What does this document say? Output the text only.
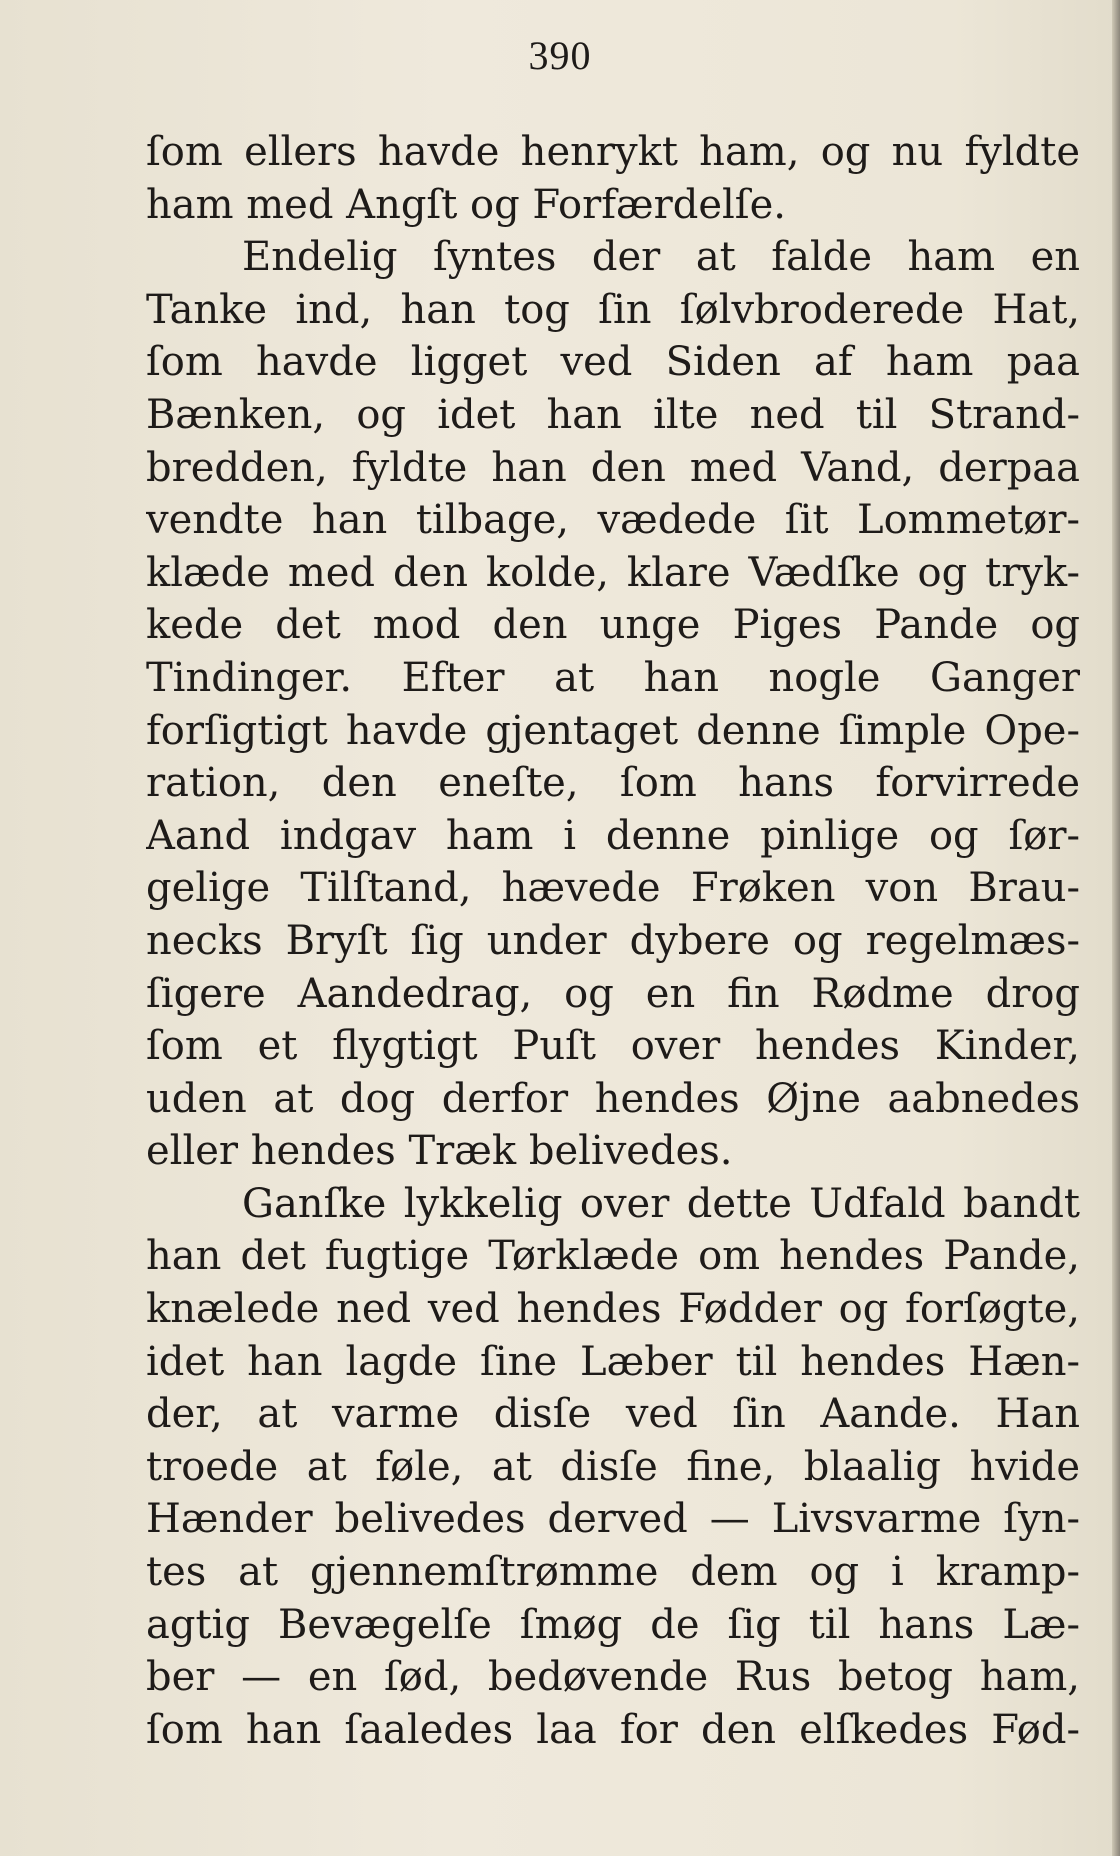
390
ſom ellers havde henrykt ham, og nu fyldte
ham med Angſt og Forfærdelſe.
Endelig ſyntes der at falde ham en
Tanke ind, han tog ſin ſølvbroderede Hat,
ſom havde ligget ved Siden af ham paa
Bænken, og idet han ilte ned til Strand-
bredden, fyldte han den med Vand, derpaa
vendte han tilbage, vædede ſit Lommetør-
klæde med den kolde, klare Vædſke og tryk-
kede det mod den unge Piges Pande og
Tindinger. Efter at han nogle Ganger
forſigtigt havde gjentaget denne ſimple Ope-
ration, den eneſte, ſom hans forvirrede
Aand indgav ham i denne pinlige og ſør-
gelige Tilſtand, hævede Frøken von Brau-
necks Bryſt ſig under dybere og regelmæs-
ſigere Aandedrag, og en fin Rødme drog
ſom et flygtigt Puſt over hendes Kinder,
uden at dog derfor hendes Øjne aabnedes
eller hendes Træk belivedes.
Ganſke lykkelig over dette Udfald bandt
han det fugtige Tørklæde om hendes Pande,
knælede ned ved hendes Fødder og forſøgte,
idet han lagde ſine Læber til hendes Hæn-
der, at varme disſe ved ſin Aande. Han
troede at føle, at disſe fine, blaalig hvide
Hænder belivedes derved — Livsvarme ſyn-
tes at gjennemſtrømme dem og i kramp-
agtig Bevægelſe ſmøg de ſig til hans Læ-
ber — en ſød, bedøvende Rus betog ham,
ſom han ſaaledes laa for den elſkedes Fød-
